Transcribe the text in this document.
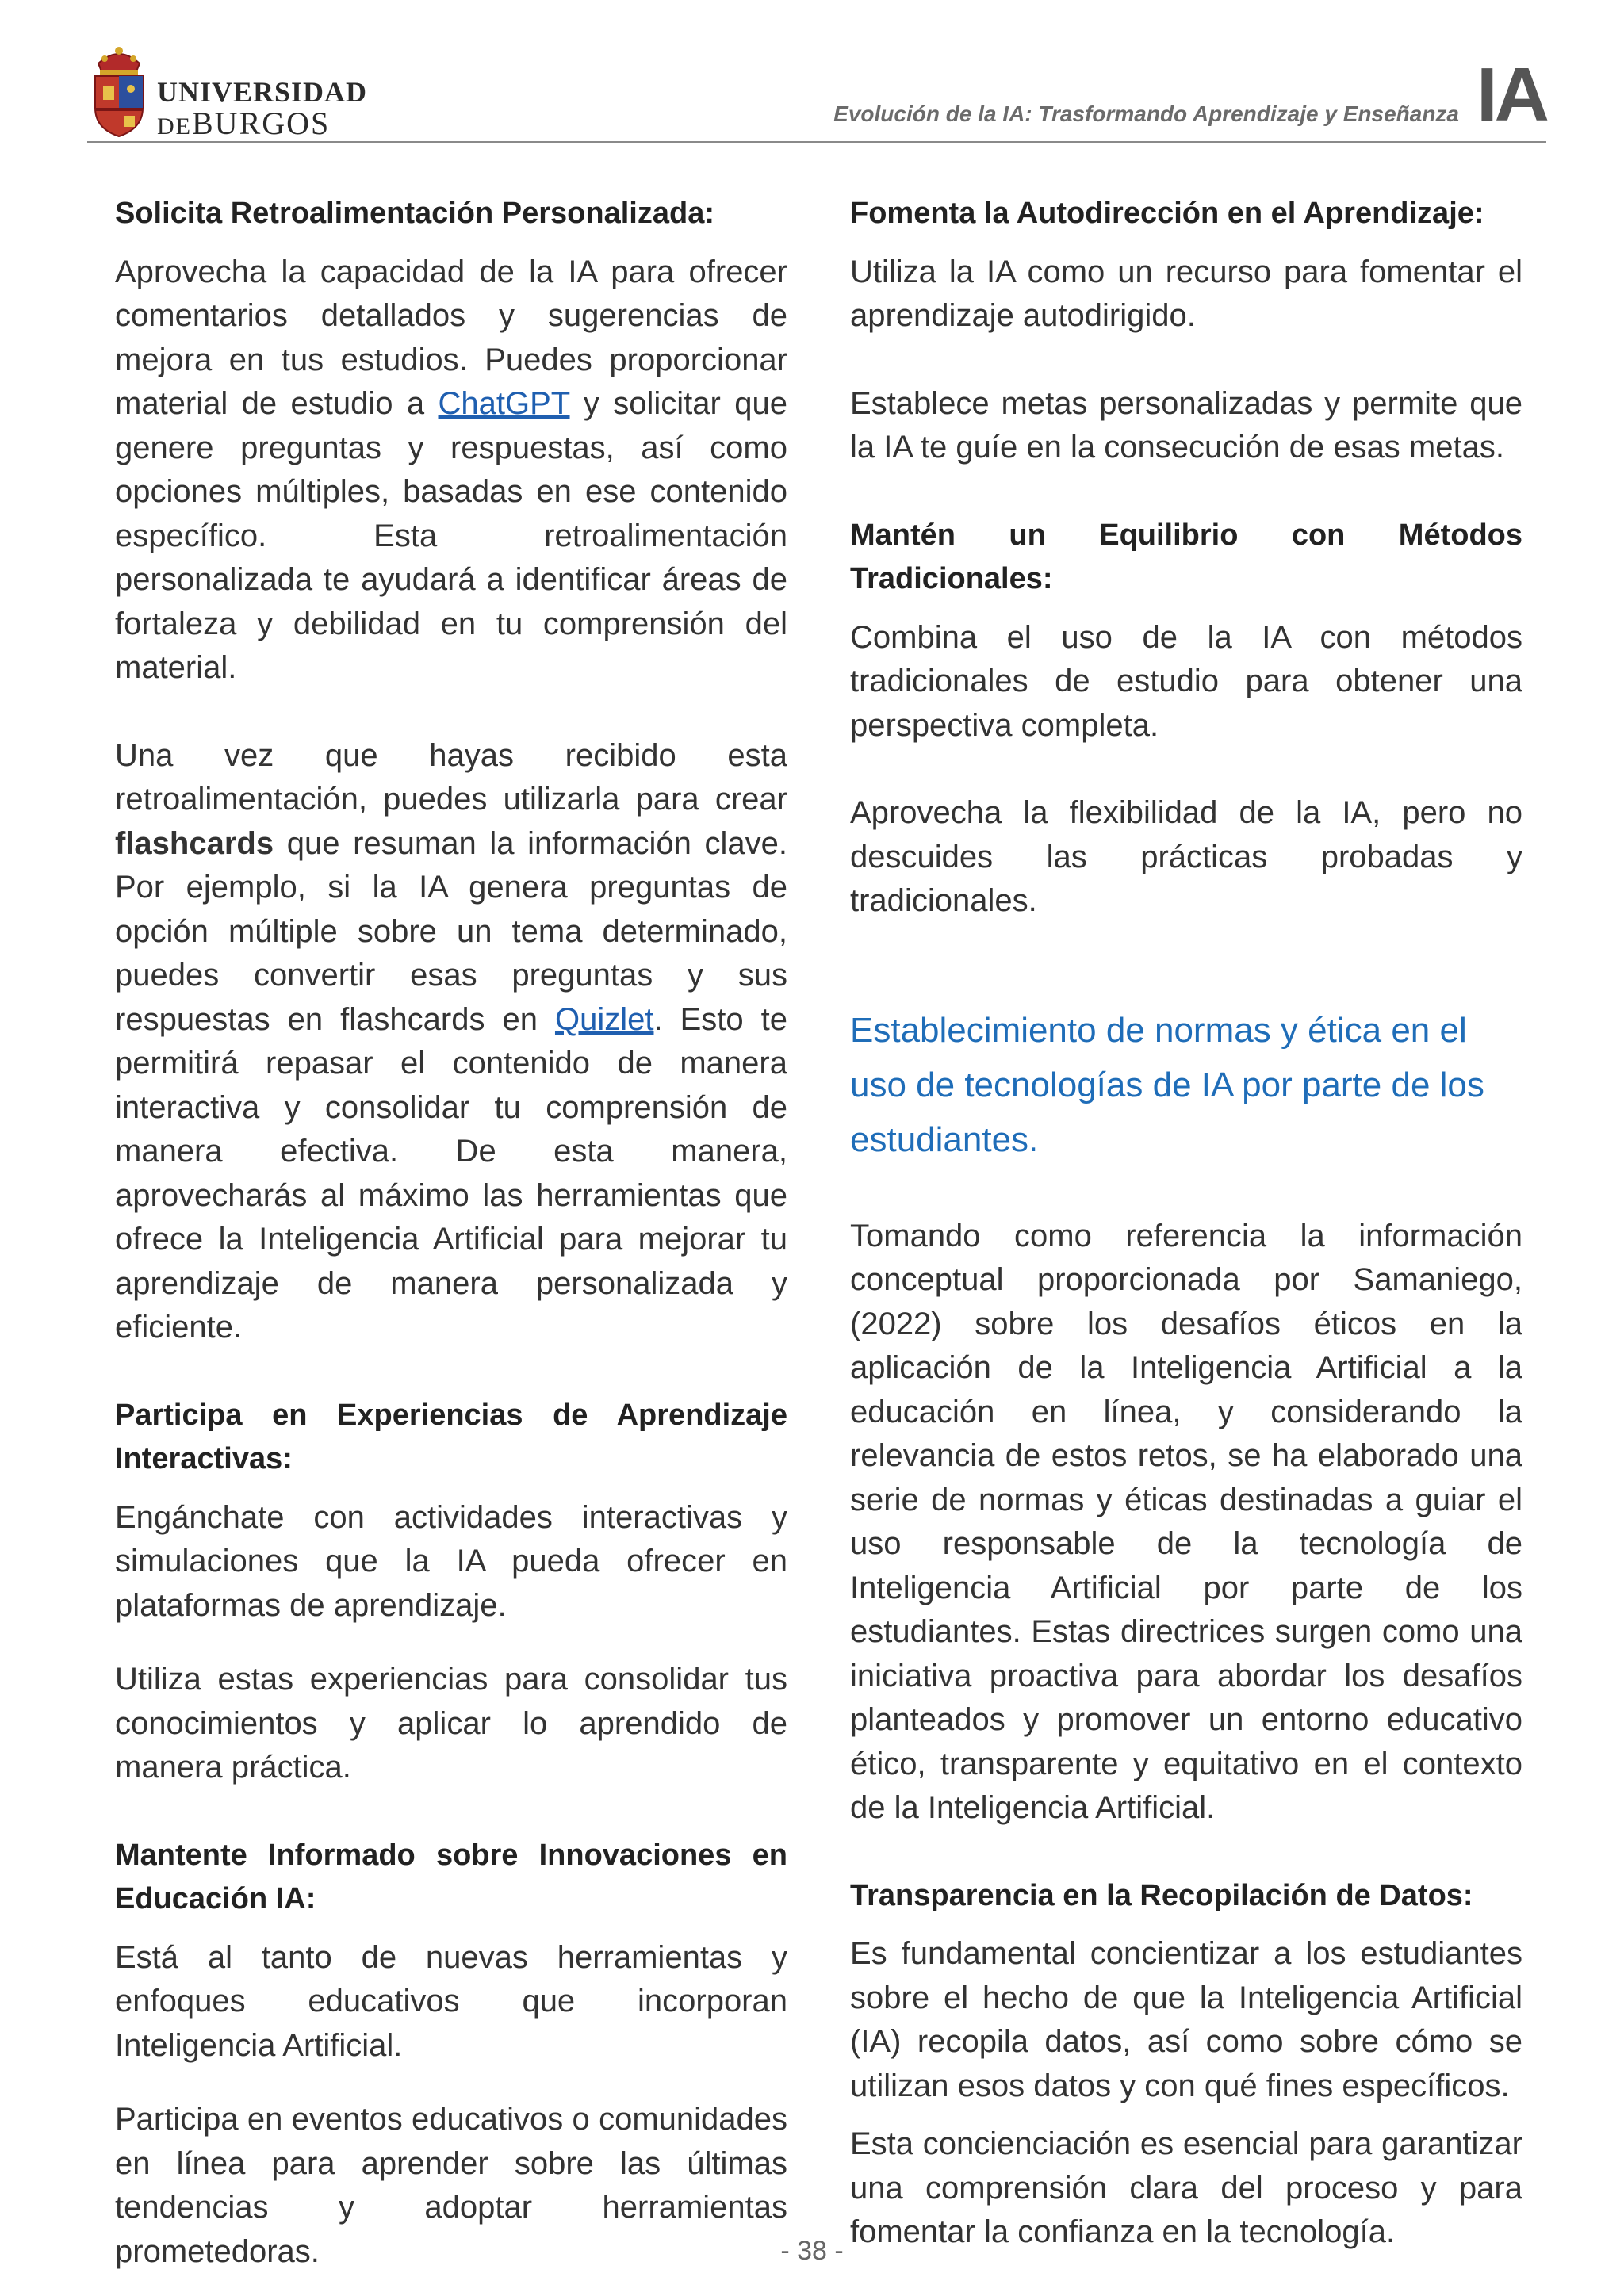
UNIVERSIDAD
DEBURGOS	Evolución de la IA: Trasformando Aprendizaje y Enseñanza IA

Solicita Retroalimentación Personalizada:

Aprovecha la capacidad de la IA para ofrecer comentarios detallados y sugerencias de mejora en tus estudios. Puedes proporcionar material de estudio a ChatGPT y solicitar que genere preguntas y respuestas, así como opciones múltiples, basadas en ese contenido específico. Esta retroalimentación personalizada te ayudará a identificar áreas de fortaleza y debilidad en tu comprensión del material.

Una vez que hayas recibido esta retroalimentación, puedes utilizarla para crear flashcards que resuman la información clave. Por ejemplo, si la IA genera preguntas de opción múltiple sobre un tema determinado, puedes convertir esas preguntas y sus respuestas en flashcards en Quizlet. Esto te permitirá repasar el contenido de manera interactiva y consolidar tu comprensión de manera efectiva. De esta manera, aprovecharás al máximo las herramientas que ofrece la Inteligencia Artificial para mejorar tu aprendizaje de manera personalizada y eficiente.

Participa en Experiencias de Aprendizaje Interactivas:

Engánchate con actividades interactivas y simulaciones que la IA pueda ofrecer en plataformas de aprendizaje.

Utiliza estas experiencias para consolidar tus conocimientos y aplicar lo aprendido de manera práctica.

Mantente Informado sobre Innovaciones en Educación IA:

Está al tanto de nuevas herramientas y enfoques educativos que incorporan Inteligencia Artificial.

Participa en eventos educativos o comunidades en línea para aprender sobre las últimas tendencias y adoptar herramientas prometedoras.

Fomenta la Autodirección en el Aprendizaje:

Utiliza la IA como un recurso para fomentar el aprendizaje autodirigido.

Establece metas personalizadas y permite que la IA te guíe en la consecución de esas metas.

Mantén un Equilibrio con Métodos Tradicionales:

Combina el uso de la IA con métodos tradicionales de estudio para obtener una perspectiva completa.

Aprovecha la flexibilidad de la IA, pero no descuides las prácticas probadas y tradicionales.

Establecimiento de normas y ética en el uso de tecnologías de IA por parte de los estudiantes.

Tomando como referencia la información conceptual proporcionada por Samaniego, (2022) sobre los desafíos éticos en la aplicación de la Inteligencia Artificial a la educación en línea, y considerando la relevancia de estos retos, se ha elaborado una serie de normas y éticas destinadas a guiar el uso responsable de la tecnología de Inteligencia Artificial por parte de los estudiantes. Estas directrices surgen como una iniciativa proactiva para abordar los desafíos planteados y promover un entorno educativo ético, transparente y equitativo en el contexto de la Inteligencia Artificial.

Transparencia en la Recopilación de Datos:

Es fundamental concientizar a los estudiantes sobre el hecho de que la Inteligencia Artificial (IA) recopila datos, así como sobre cómo se utilizan esos datos y con qué fines específicos.

Esta concienciación es esencial para garantizar una comprensión clara del proceso y para fomentar la confianza en la tecnología.

- 38 -
